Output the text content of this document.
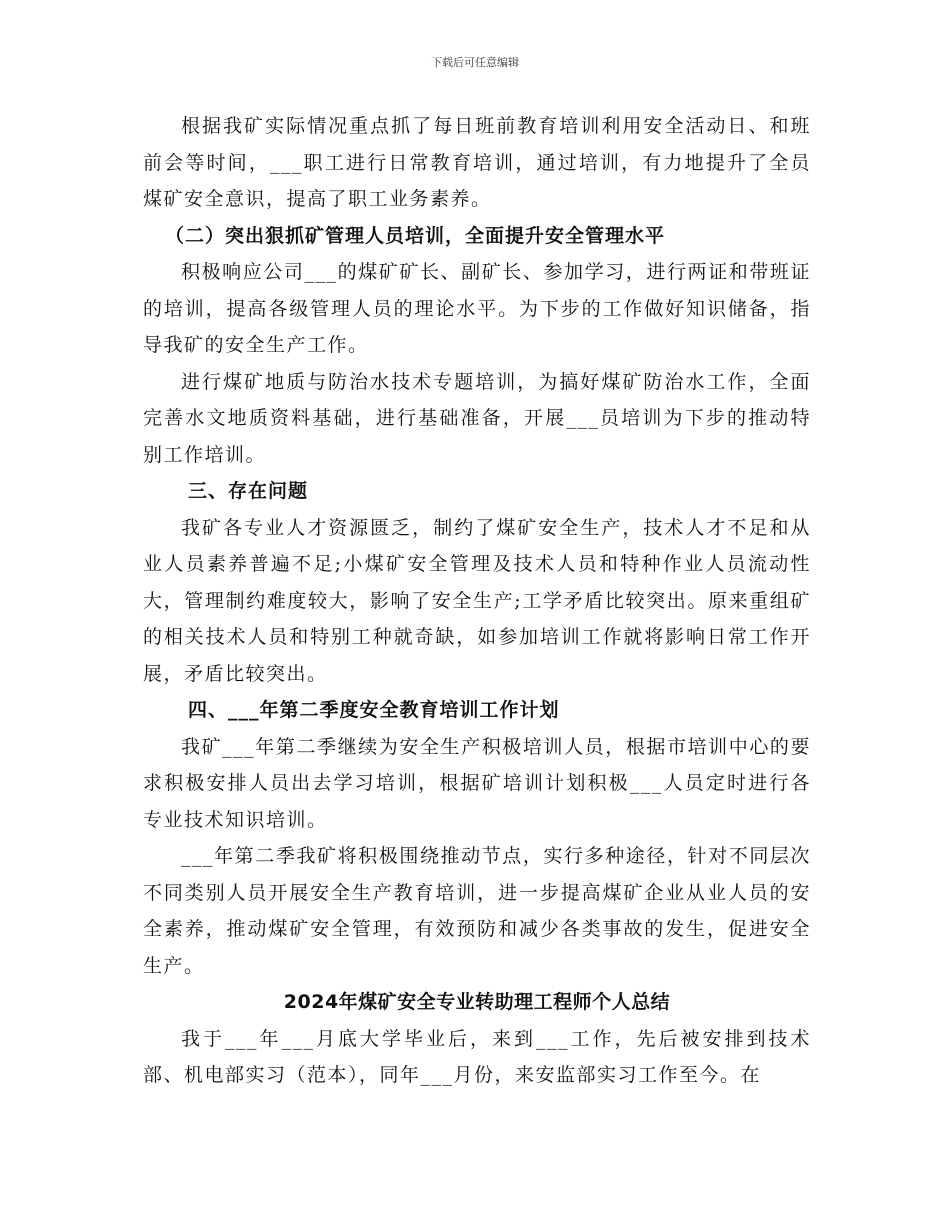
下载后可任意编辑

根据我矿实际情况重点抓了每日班前教育培训利用安全活动日、和班前会等时间，___职工进行日常教育培训，通过培训，有力地提升了全员煤矿安全意识，提高了职工业务素养。

（二）突出狠抓矿管理人员培训，全面提升安全管理水平

积极响应公司___的煤矿矿长、副矿长、参加学习，进行两证和带班证的培训，提高各级管理人员的理论水平。为下步的工作做好知识储备，指导我矿的安全生产工作。

进行煤矿地质与防治水技术专题培训，为搞好煤矿防治水工作，全面完善水文地质资料基础，进行基础准备，开展___员培训为下步的推动特别工作培训。

三、存在问题

我矿各专业人才资源匮乏，制约了煤矿安全生产，技术人才不足和从业人员素养普遍不足;小煤矿安全管理及技术人员和特种作业人员流动性大，管理制约难度较大，影响了安全生产;工学矛盾比较突出。原来重组矿的相关技术人员和特别工种就奇缺，如参加培训工作就将影响日常工作开展，矛盾比较突出。

四、___年第二季度安全教育培训工作计划

我矿___年第二季继续为安全生产积极培训人员，根据市培训中心的要求积极安排人员出去学习培训，根据矿培训计划积极___人员定时进行各专业技术知识培训。

___年第二季我矿将积极围绕推动节点，实行多种途径，针对不同层次不同类别人员开展安全生产教育培训，进一步提高煤矿企业从业人员的安全素养，推动煤矿安全管理，有效预防和减少各类事故的发生，促进安全生产。

2024年煤矿安全专业转助理工程师个人总结

我于___年___月底大学毕业后，来到___工作，先后被安排到技术部、机电部实习（范本），同年___月份，来安监部实习工作至今。在
